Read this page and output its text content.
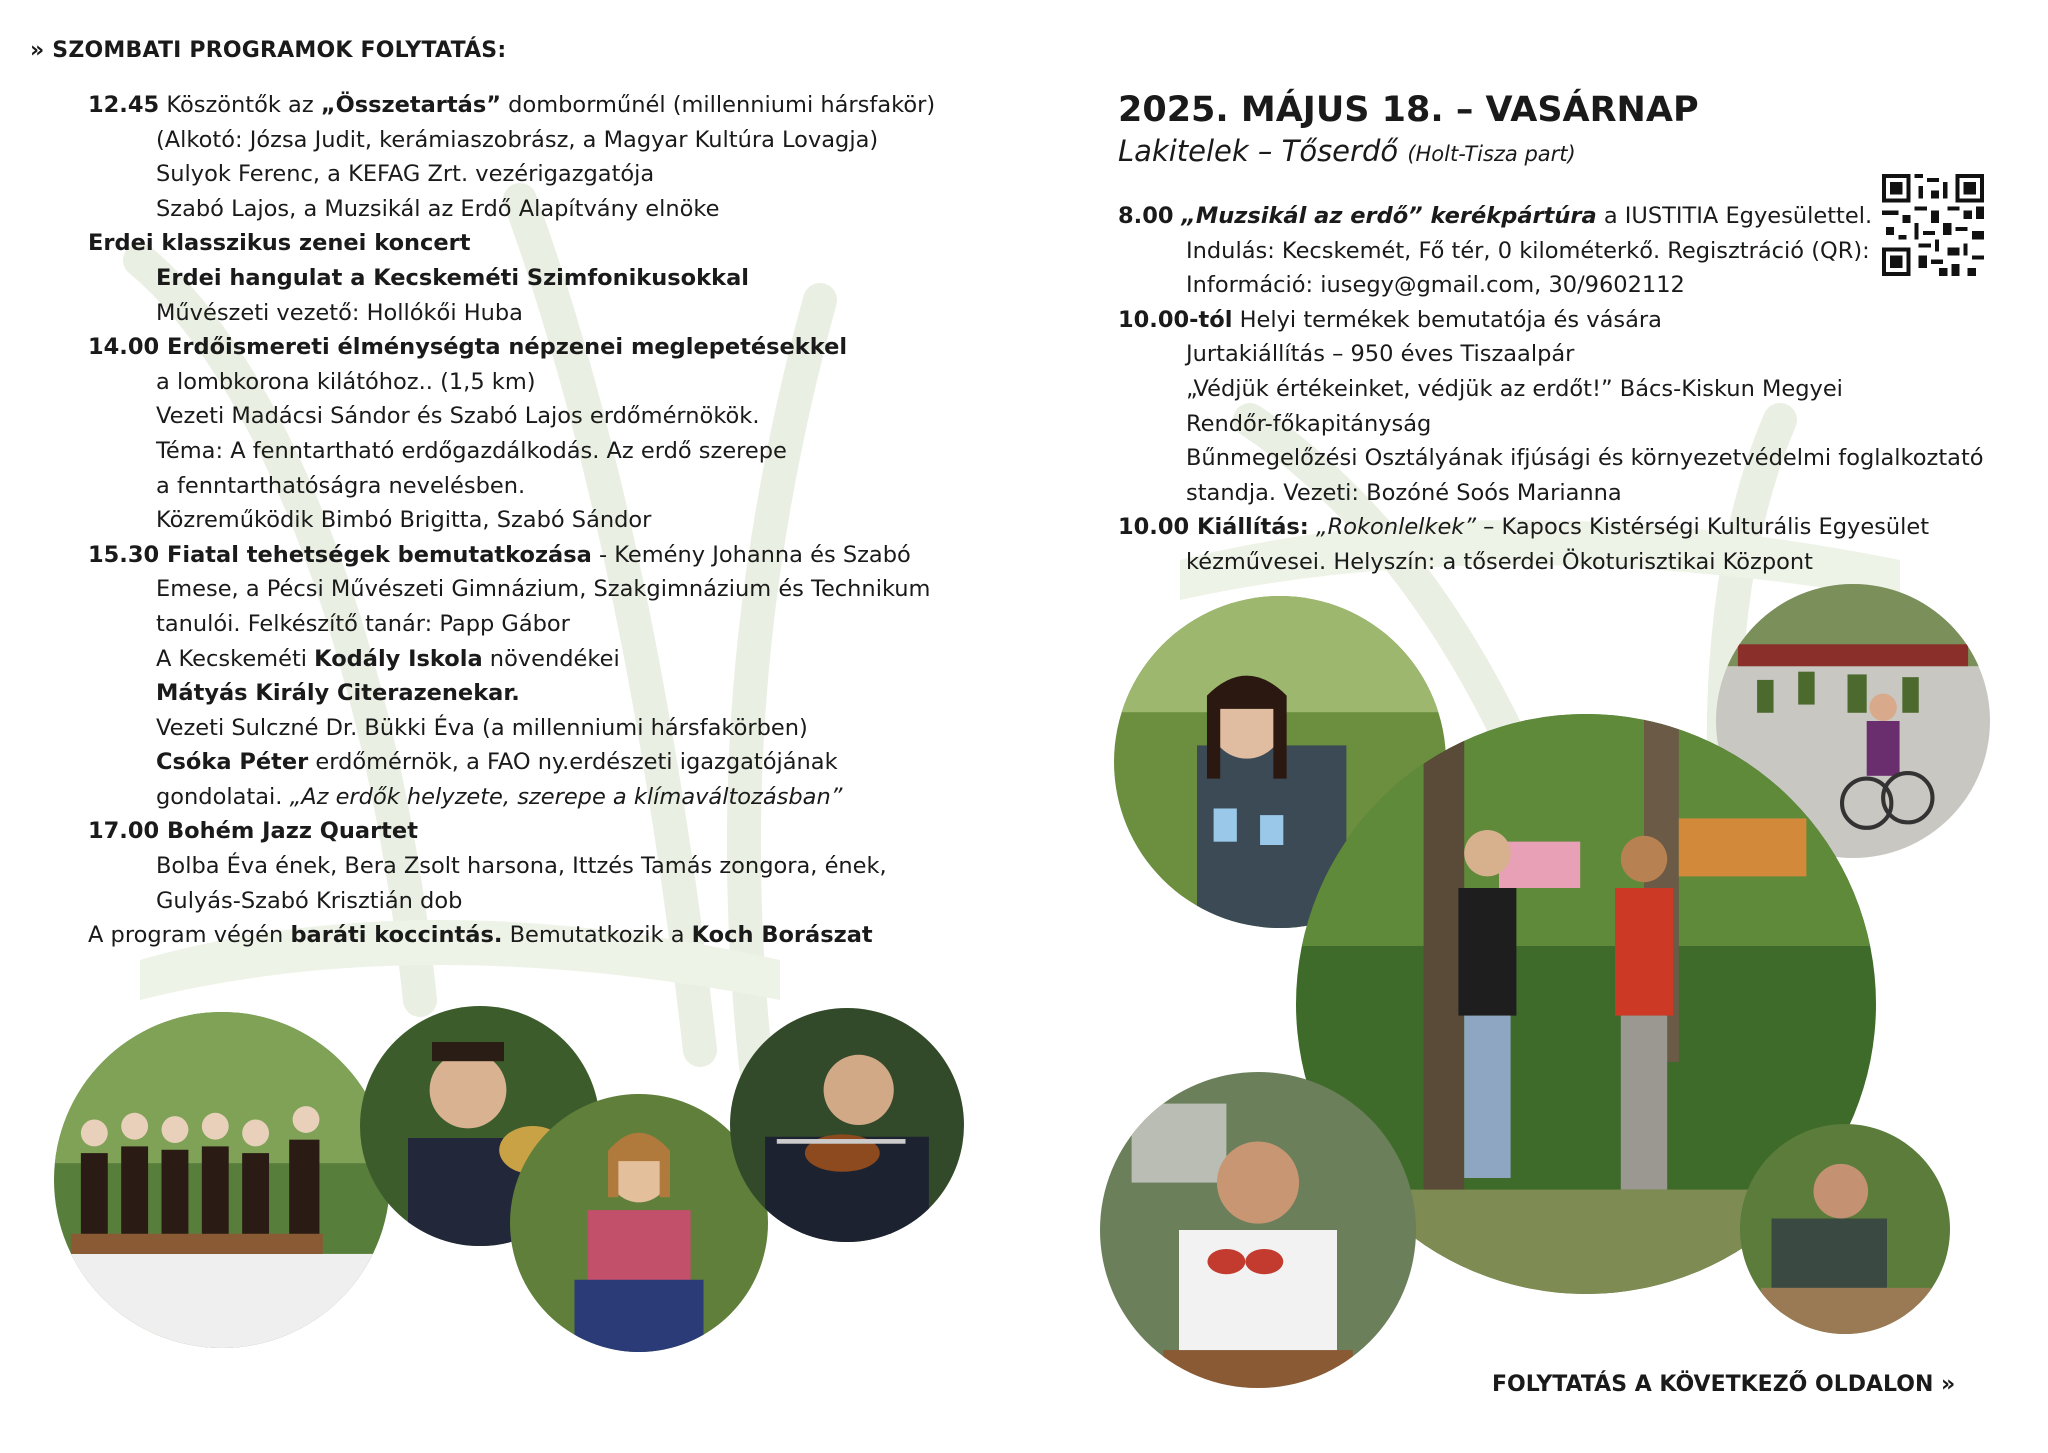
» SZOMBATI PROGRAMOK FOLYTATÁS:
12.45 Köszöntők az „Összetartás” domborműnél (millenniumi hársfakör)
(Alkotó: Józsa Judit, kerámiaszobrász, a Magyar Kultúra Lovagja)
Sulyok Ferenc, a KEFAG Zrt. vezérigazgatója
Szabó Lajos, a Muzsikál az Erdő Alapítvány elnöke
Erdei klasszikus zenei koncert
Erdei hangulat a Kecskeméti Szimfonikusokkal
Művészeti vezető: Hollókői Huba
14.00 Erdőismereti élménységta népzenei meglepetésekkel
a lombkorona kilátóhoz.. (1,5 km)
Vezeti Madácsi Sándor és Szabó Lajos erdőmérnökök.
Téma: A fenntartható erdőgazdálkodás. Az erdő szerepe
a fenntarthatóságra nevelésben.
Közreműködik Bimbó Brigitta, Szabó Sándor
15.30 Fiatal tehetségek bemutatkozása - Kemény Johanna és Szabó
Emese, a Pécsi Művészeti Gimnázium, Szakgimnázium és Technikum
tanulói. Felkészítő tanár: Papp Gábor
A Kecskeméti Kodály Iskola növendékei
Mátyás Király Citerazenekar.
Vezeti Sulczné Dr. Bükki Éva (a millenniumi hársfakörben)
Csóka Péter erdőmérnök, a FAO ny.erdészeti igazgatójának
gondolatai. „Az erdők helyzete, szerepe a klímaváltozásban”
17.00 Bohém Jazz Quartet
Bolba Éva ének, Bera Zsolt harsona, Ittzés Tamás zongora, ének,
Gulyás-Szabó Krisztián dob
A program végén baráti koccintás. Bemutatkozik a Koch Borászat
2025. MÁJUS 18. – VASÁRNAP
Lakitelek – Tőserdő (Holt-Tisza part)
8.00 „Muzsikál az erdő” kerékpártúra a IUSTITIA Egyesülettel.
Indulás: Kecskemét, Fő tér, 0 kilométerkő. Regisztráció (QR):
Információ: iusegy@gmail.com, 30/9602112
10.00-tól Helyi termékek bemutatója és vására
Jurtakiállítás – 950 éves Tiszaalpár
„Védjük értékeinket, védjük az erdőt!” Bács-Kiskun Megyei
Rendőr-főkapitányság
Bűnmegelőzési Osztályának ifjúsági és környezetvédelmi foglalkoztató
standja. Vezeti: Bozóné Soós Marianna
10.00 Kiállítás: „Rokonlelkek” – Kapocs Kistérségi Kulturális Egyesület
kézművesei. Helyszín: a tőserdei Ökoturisztikai Központ
FOLYTATÁS A KÖVETKEZŐ OLDALON »
